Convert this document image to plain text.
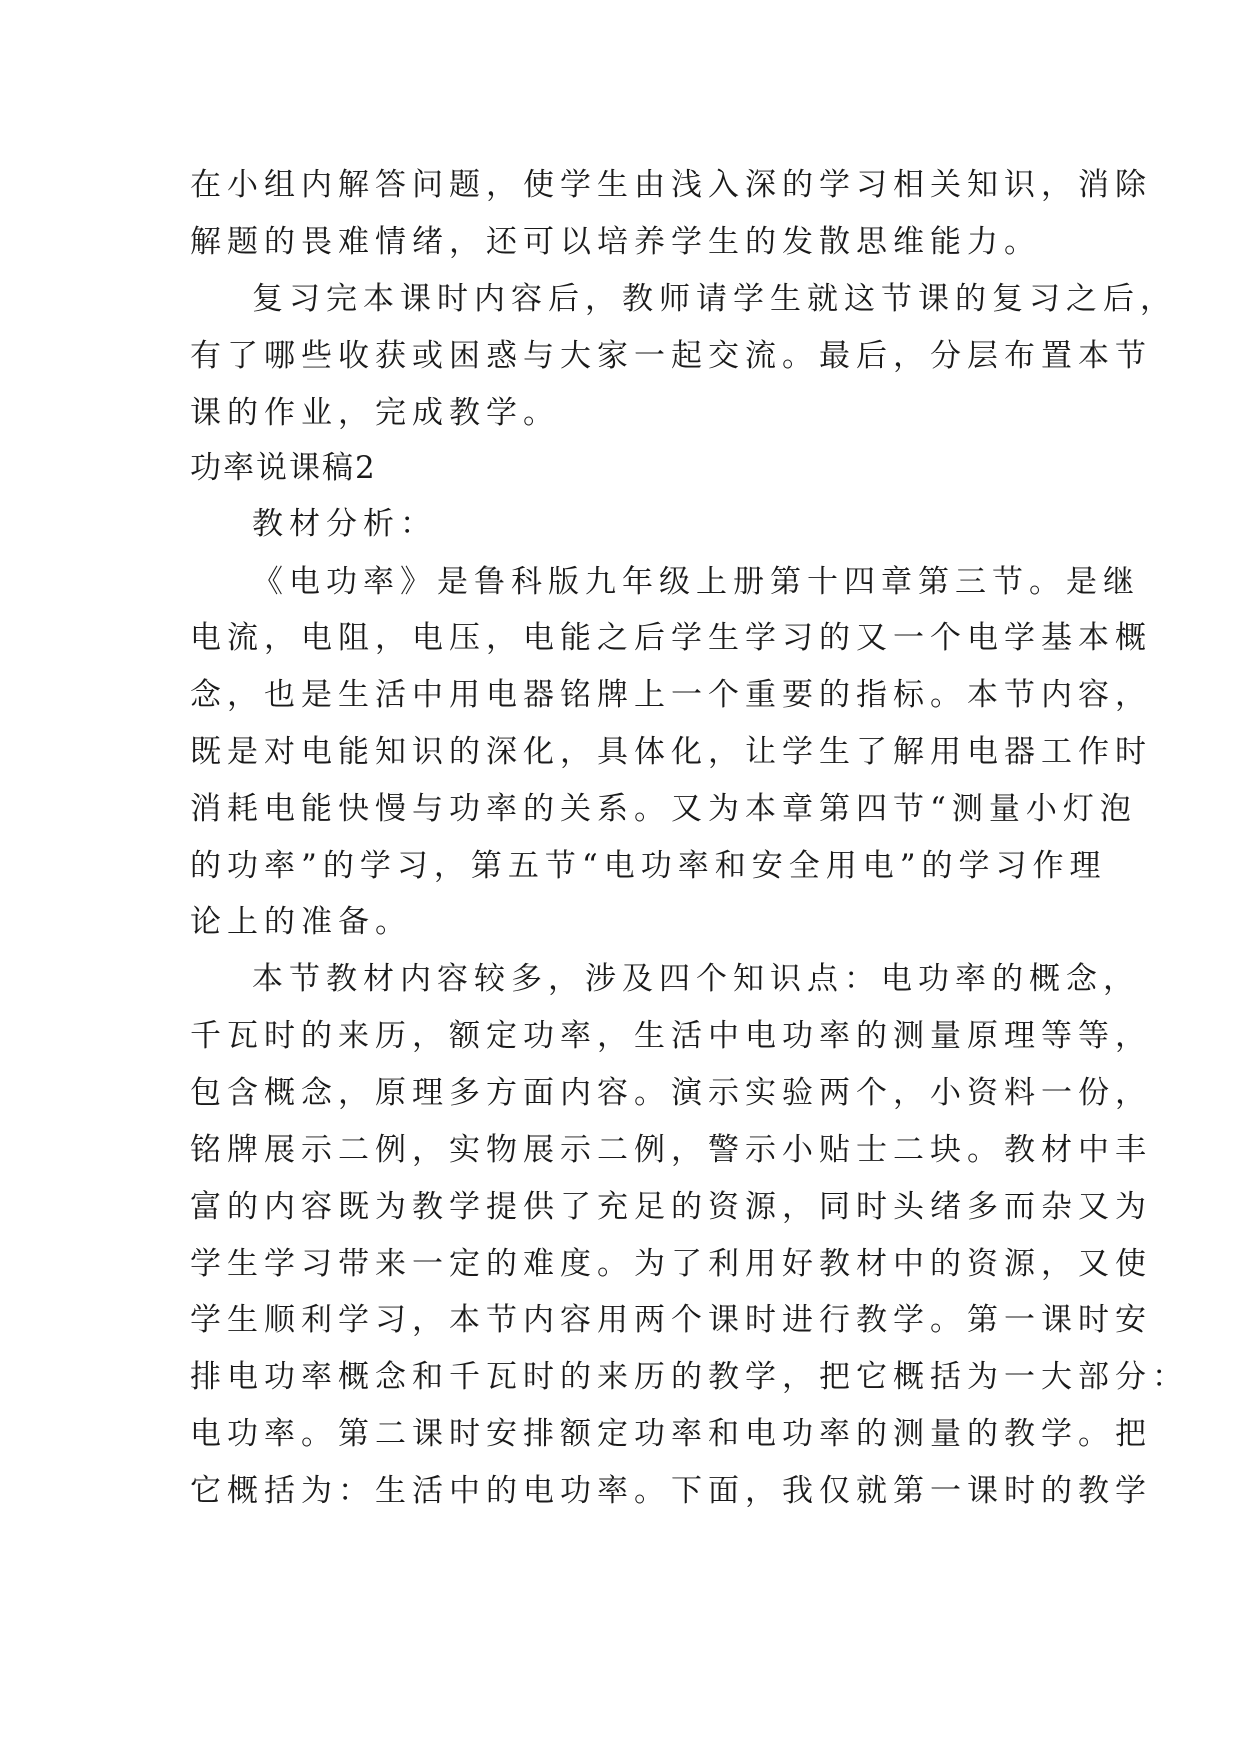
在小组内解答问题，使学生由浅入深的学习相关知识，消除
解题的畏难情绪，还可以培养学生的发散思维能力。
复习完本课时内容后，教师请学生就这节课的复习之后，
有了哪些收获或困惑与大家一起交流。最后，分层布置本节
课的作业，完成教学。
功率说课稿2
教材分析：
《电功率》是鲁科版九年级上册第十四章第三节。是继
电流，电阻，电压，电能之后学生学习的又一个电学基本概
念，也是生活中用电器铭牌上一个重要的指标。本节内容，
既是对电能知识的深化，具体化，让学生了解用电器工作时
消耗电能快慢与功率的关系。又为本章第四节“测量小灯泡
的功率”的学习，第五节“电功率和安全用电”的学习作理
论上的准备。
本节教材内容较多，涉及四个知识点：电功率的概念，
千瓦时的来历，额定功率，生活中电功率的测量原理等等，
包含概念，原理多方面内容。演示实验两个，小资料一份，
铭牌展示二例，实物展示二例，警示小贴士二块。教材中丰
富的内容既为教学提供了充足的资源，同时头绪多而杂又为
学生学习带来一定的难度。为了利用好教材中的资源，又使
学生顺利学习，本节内容用两个课时进行教学。第一课时安
排电功率概念和千瓦时的来历的教学，把它概括为一大部分：
电功率。第二课时安排额定功率和电功率的测量的教学。把
它概括为：生活中的电功率。下面，我仅就第一课时的教学
